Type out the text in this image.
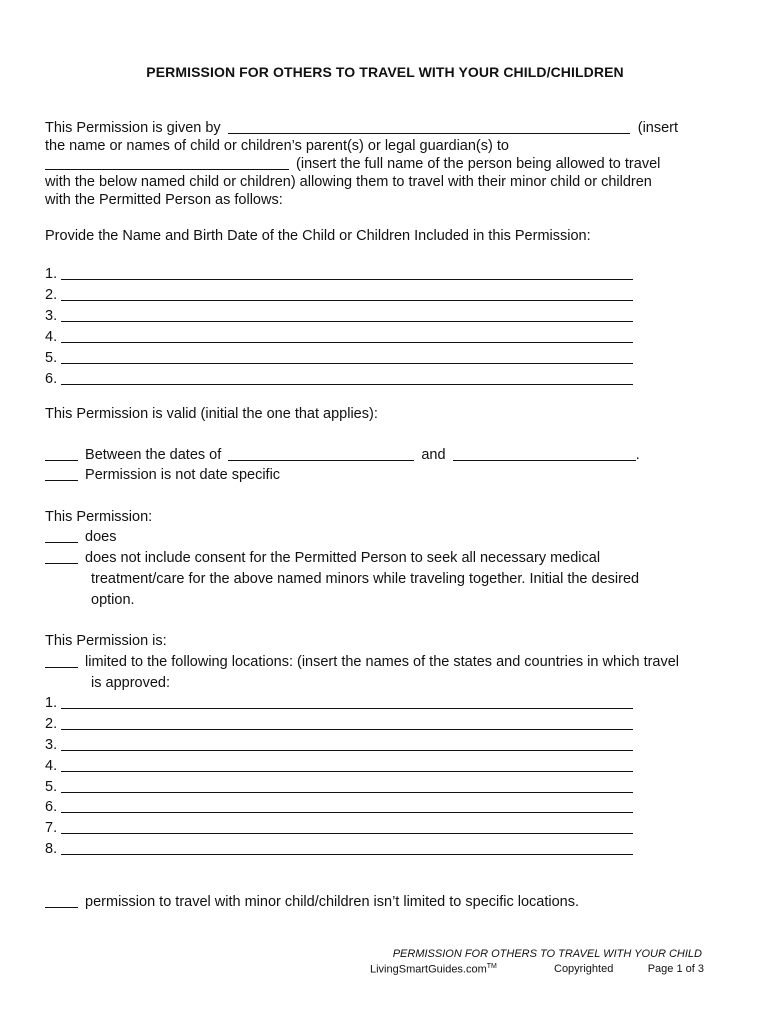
PERMISSION FOR OTHERS TO TRAVEL WITH YOUR CHILD/CHILDREN
This Permission is given by	(insert
the name or names of child or children’s parent(s) or legal guardian(s) to
(insert the full name of the person being allowed to travel
with the below named child or children) allowing them to travel with their minor child or children
with the Permitted Person as follows:
Provide the Name and Birth Date of the Child or Children Included in this Permission:
1.
2.
3.
4.
5.
6.
This Permission is valid (initial the one that applies):
Between the dates of	and	.
Permission is not date specific
This Permission:
does
does not include consent for the Permitted Person to seek all necessary medical
treatment/care for the above named minors while traveling together. Initial the desired
option.
This Permission is:
limited to the following locations: (insert the names of the states and countries in which travel
is approved:
1.
2.
3.
4.
5.
6.
7.
8.
permission to travel with minor child/children isn’t limited to specific locations.
PERMISSION FOR OTHERS TO TRAVEL WITH YOUR CHILD
LivingSmartGuides.com™	Copyrighted	Page 1 of 3
